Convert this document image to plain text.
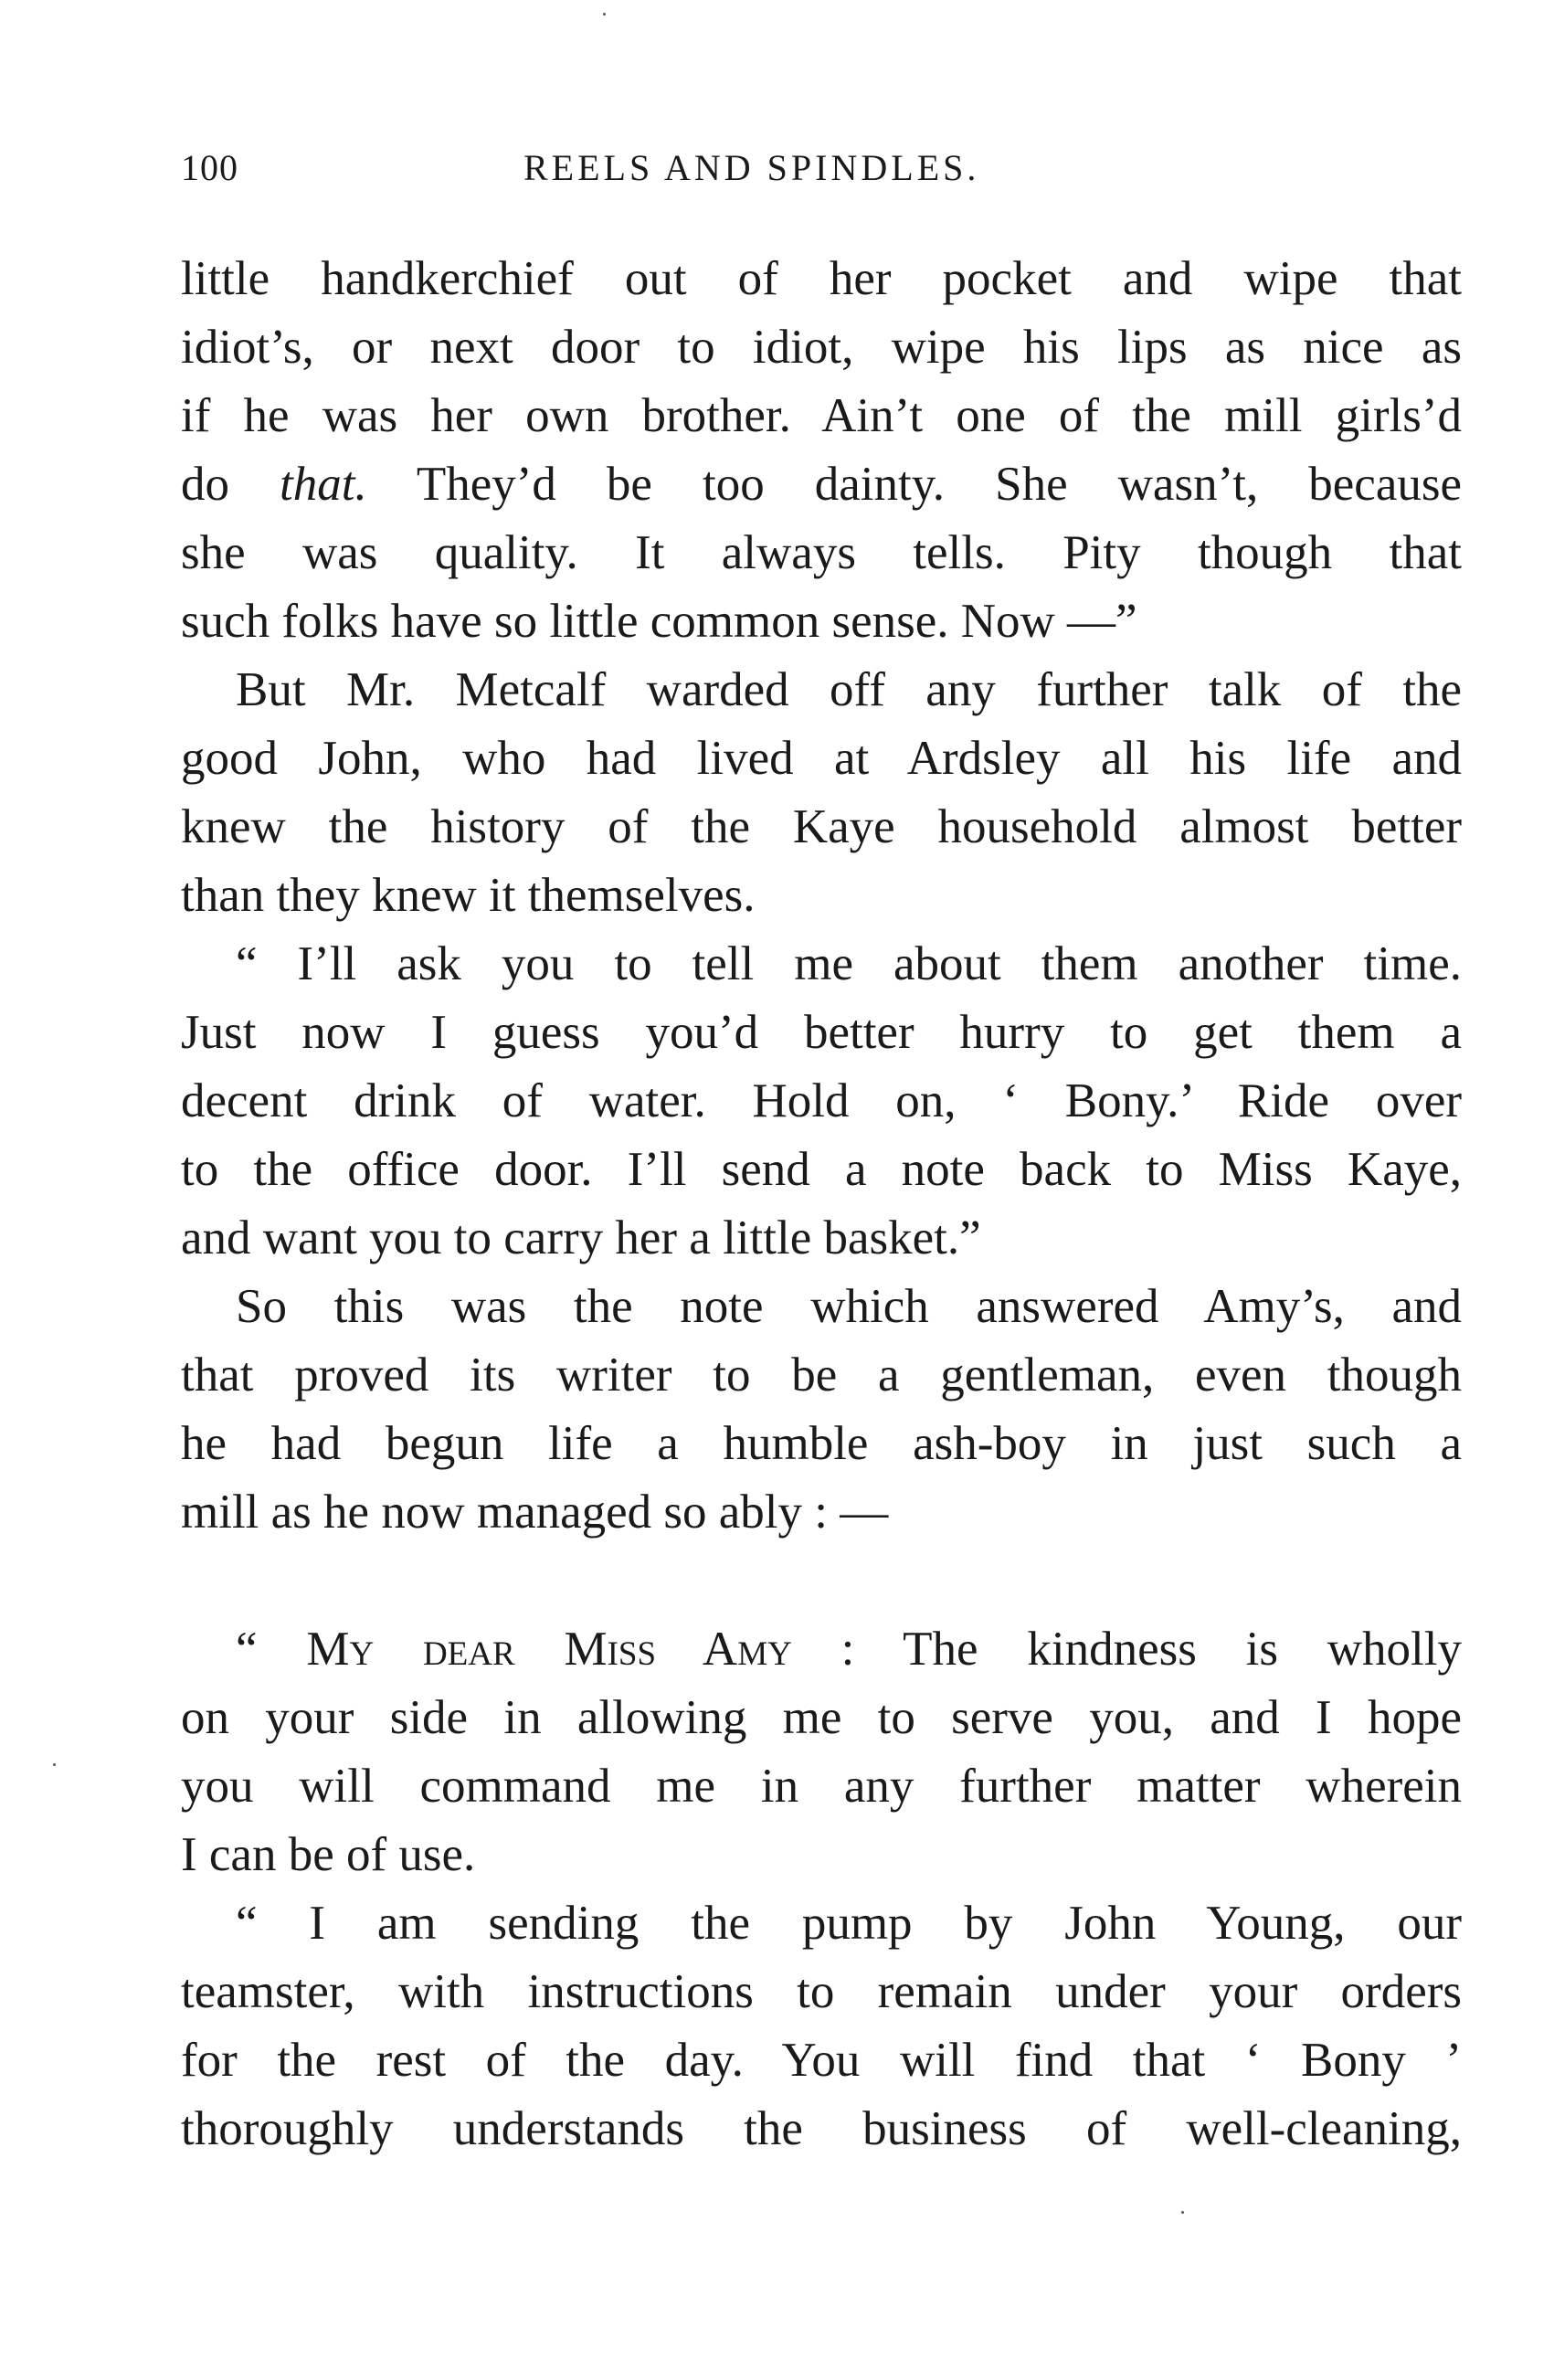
100	REELS AND SPINDLES.
little handkerchief out of her pocket and wipe that
idiot’s, or next door to idiot, wipe his lips as nice as
if he was her own brother. Ain’t one of the mill girls’d
do that. They’d be too dainty. She wasn’t, because
she was quality. It always tells. Pity though that
such folks have so little common sense. Now —”
But Mr. Metcalf warded off any further talk of the
good John, who had lived at Ardsley all his life and
knew the history of the Kaye household almost better
than they knew it themselves.
“ I’ll ask you to tell me about them another time.
Just now I guess you’d better hurry to get them a
decent drink of water. Hold on, ‘ Bony.’ Ride over
to the office door. I’ll send a note back to Miss Kaye,
and want you to carry her a little basket.”
So this was the note which answered Amy’s, and
that proved its writer to be a gentleman, even though
he had begun life a humble ash-boy in just such a
mill as he now managed so ably : —
“ My dear Miss Amy : The kindness is wholly
on your side in allowing me to serve you, and I hope
you will command me in any further matter wherein
I can be of use.
“ I am sending the pump by John Young, our
teamster, with instructions to remain under your orders
for the rest of the day. You will find that ‘ Bony ’
thoroughly understands the business of well-cleaning,
